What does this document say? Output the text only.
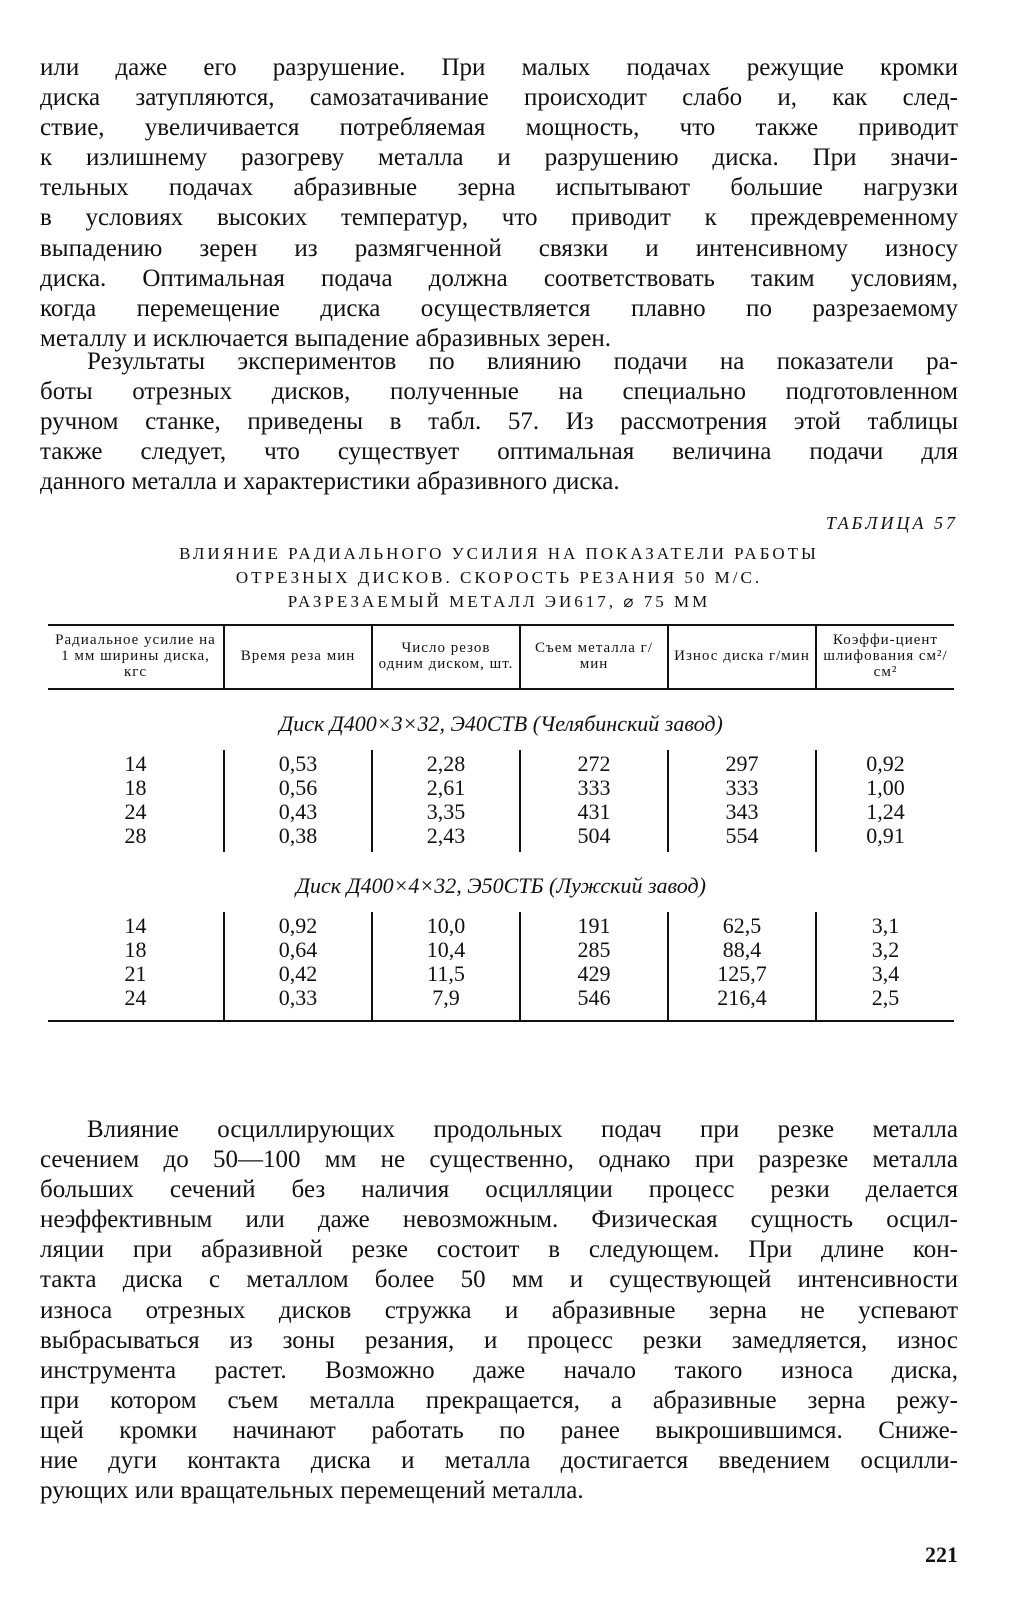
или даже его разрушение. При малых подачах режущие кромки
диска затупляются, самозатачивание происходит слабо и, как след-
ствие, увеличивается потребляемая мощность, что также приводит
к излишнему разогреву металла и разрушению диска. При значи-
тельных подачах абразивные зерна испытывают большие нагрузки
в условиях высоких температур, что приводит к преждевременному
выпадению зерен из размягченной связки и интенсивному износу
диска. Оптимальная подача должна соответствовать таким условиям,
когда перемещение диска осуществляется плавно по разрезаемому
металлу и исключается выпадение абразивных зерен.

Результаты экспериментов по влиянию подачи на показатели ра-
боты отрезных дисков, полученные на специально подготовленном
ручном станке, приведены в табл. 57. Из рассмотрения этой таблицы
также следует, что существует оптимальная величина подачи для
данного металла и характеристики абразивного диска.

ТАБЛИЦА 57
ВЛИЯНИЕ РАДИАЛЬНОГО УСИЛИЯ НА ПОКАЗАТЕЛИ РАБОТЫ
ОТРЕЗНЫХ ДИСКОВ. СКОРОСТЬ РЕЗАНИЯ 50 М/С.
РАЗРЕЗАЕМЫЙ МЕТАЛЛ ЭИ617, ⌀ 75 ММ
Радиальное усилие на 1 мм ширины диска, кгс	Время реза мин	Число резов одним диском, шт.	Съем металла г/мин	Износ диска г/мин	Коэффи-циент шлифования см²/см²
Диск Д400×3×32, Э40СТВ (Челябинский завод)					
14	0,53	2,28	272	297	0,92
18	0,56	2,61	333	333	1,00
24	0,43	3,35	431	343	1,24
28	0,38	2,43	504	554	0,91
Диск Д400×4×32, Э50СТБ (Лужский завод)					
14	0,92	10,0	191	62,5	3,1
18	0,64	10,4	285	88,4	3,2
21	0,42	11,5	429	125,7	3,4
24	0,33	7,9	546	216,4	2,5

Влияние осциллирующих продольных подач при резке металла
сечением до 50—100 мм не существенно, однако при разрезке металла
больших сечений без наличия осцилляции процесс резки делается
неэффективным или даже невозможным. Физическая сущность осцил-
ляции при абразивной резке состоит в следующем. При длине кон-
такта диска с металлом более 50 мм и существующей интенсивности
износа отрезных дисков стружка и абразивные зерна не успевают
выбрасываться из зоны резания, и процесс резки замедляется, износ
инструмента растет. Возможно даже начало такого износа диска,
при котором съем металла прекращается, а абразивные зерна режу-
щей кромки начинают работать по ранее выкрошившимся. Сниже-
ние дуги контакта диска и металла достигается введением осцилли-
рующих или вращательных перемещений металла.

221
